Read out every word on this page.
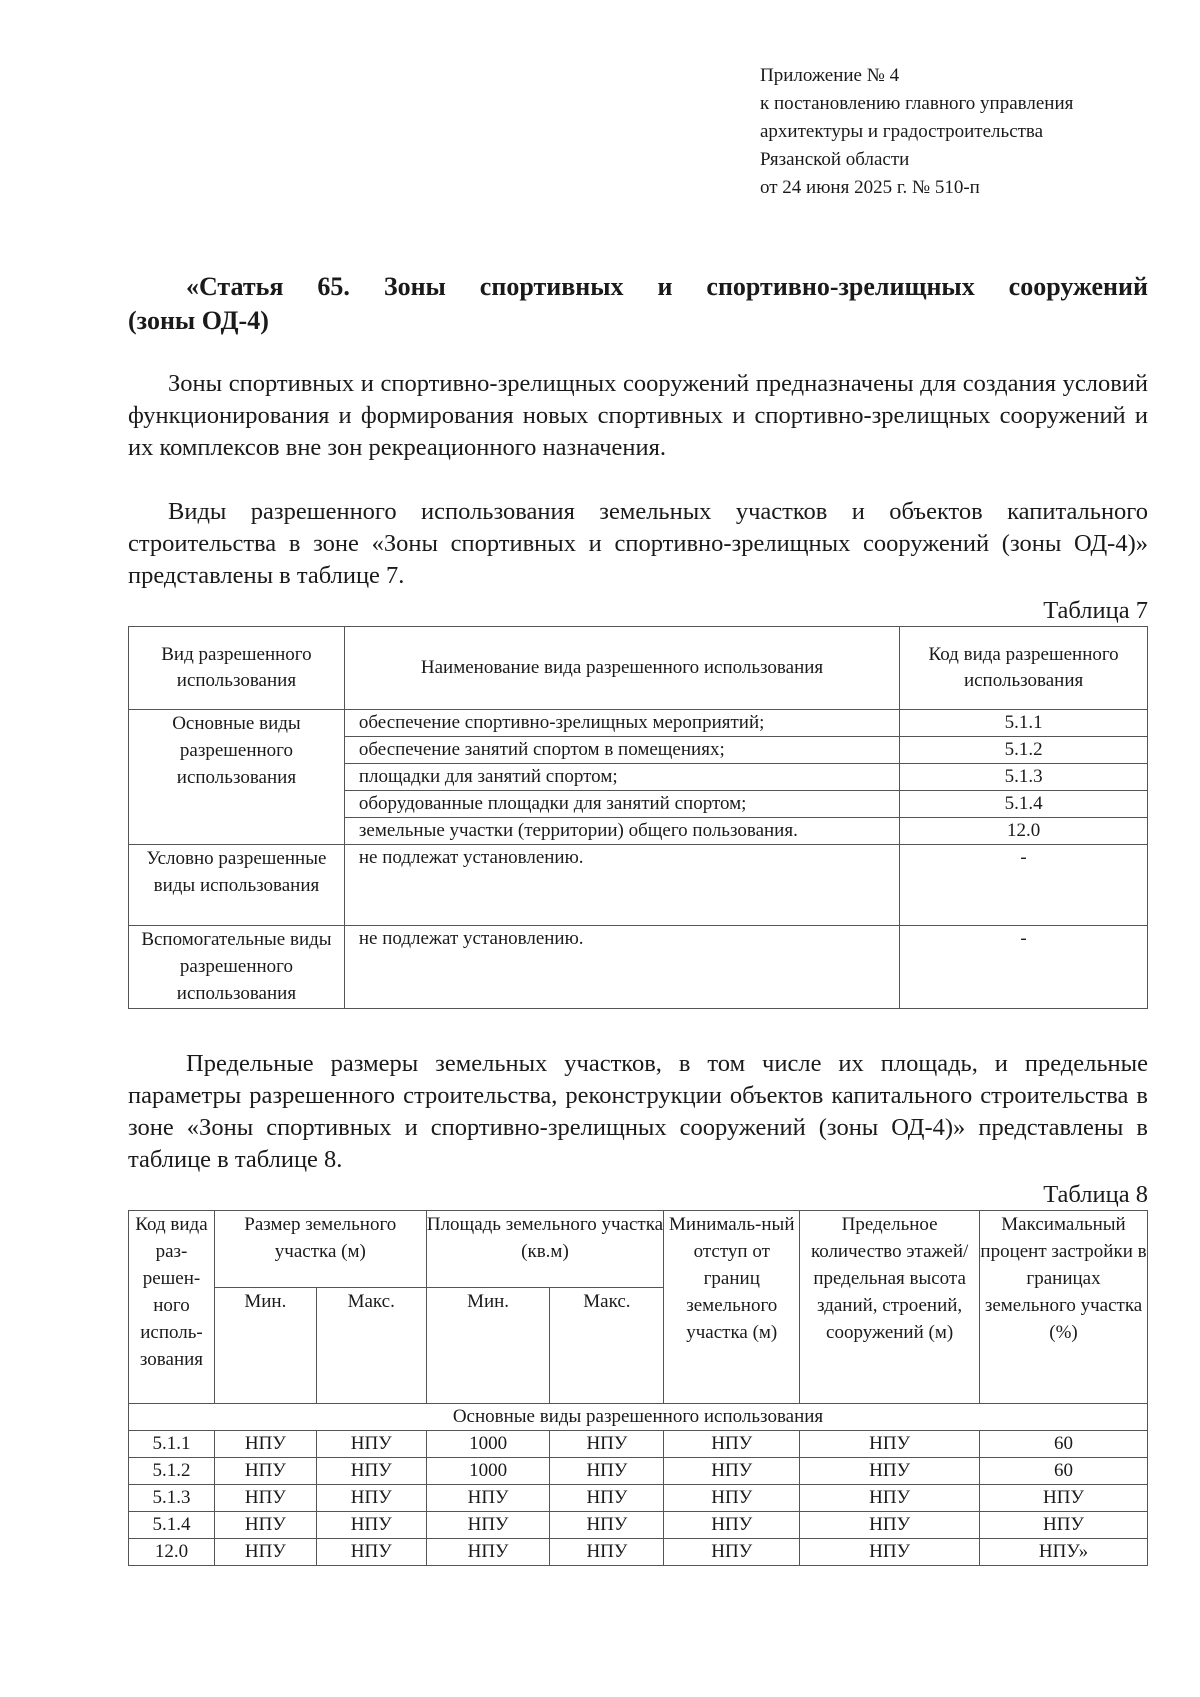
Приложение № 4
к постановлению главного управления
архитектуры и градостроительства
Рязанской области
от 24 июня 2025 г. № 510-п
«Статья 65. Зоны спортивных и спортивно-зрелищных сооружений
(зоны ОД-4)
Зоны спортивных и спортивно-зрелищных сооружений предназначены для создания условий функционирования и формирования новых спортивных и спортивно-зрелищных сооружений и их комплексов вне зон рекреационного назначения.
Виды разрешенного использования земельных участков и объектов капитального строительства в зоне «Зоны спортивных и спортивно-зрелищных сооружений (зоны ОД-4)» представлены в таблице 7.
Таблица 7
Вид разрешенного использования	Наименование вида разрешенного использования	Код вида разрешенного использования
Основные виды разрешенного использования	обеспечение спортивно-зрелищных мероприятий;	5.1.1
	обеспечение занятий спортом в помещениях;	5.1.2
	площадки для занятий спортом;	5.1.3
	оборудованные площадки для занятий спортом;	5.1.4
	земельные участки (территории) общего пользования.	12.0
Условно разрешенные виды использования	не подлежат установлению.	-
Вспомогательные виды разрешенного использования	не подлежат установлению.	-
Предельные размеры земельных участков, в том числе их площадь, и предельные параметры разрешенного строительства, реконструкции объектов капитального строительства в зоне «Зоны спортивных и спортивно-зрелищных сооружений (зоны ОД-4)» представлены в таблице в таблице 8.
Таблица 8
Код вида раз-решен-ного исполь-зования	Размер земельного участка (м)		Площадь земельного участка (кв.м)		Минималь-ный отступ от границ земельного участка (м)	Предельное количество этажей/ предельная высота зданий, строений, сооружений (м)	Максимальный процент застройки в границах земельного участка (%)
	Мин.	Макс.	Мин.	Макс.			
Основные виды разрешенного использования							
5.1.1	НПУ	НПУ	1000	НПУ	НПУ	НПУ	60
5.1.2	НПУ	НПУ	1000	НПУ	НПУ	НПУ	60
5.1.3	НПУ	НПУ	НПУ	НПУ	НПУ	НПУ	НПУ
5.1.4	НПУ	НПУ	НПУ	НПУ	НПУ	НПУ	НПУ
12.0	НПУ	НПУ	НПУ	НПУ	НПУ	НПУ	НПУ»
